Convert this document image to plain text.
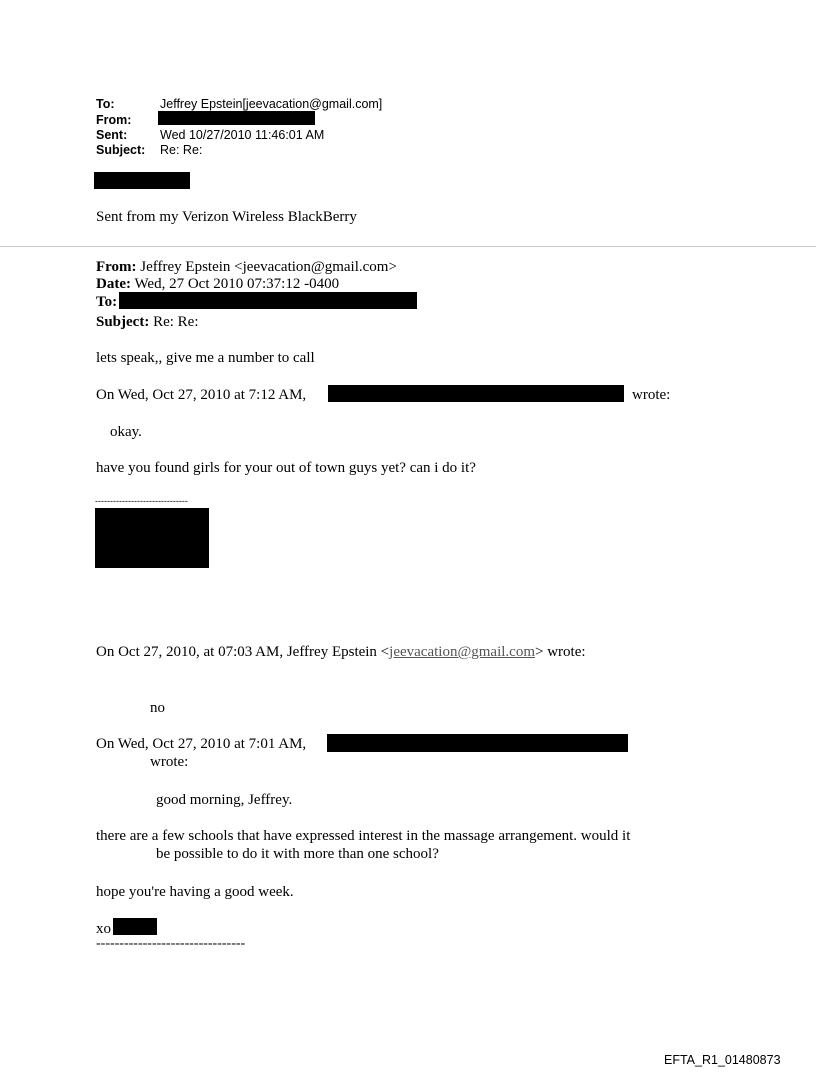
To:	Jeffrey Epstein[jeevacation@gmail.com]
From:
Sent:	Wed 10/27/2010 11:46:01 AM
Subject: Re: Re:
Sent from my Verizon Wireless BlackBerry
From: Jeffrey Epstein <jeevacation@gmail.com>
Date: Wed, 27 Oct 2010 07:37:12 -0400
To:
Subject: Re: Re:
lets speak,, give me a number to call
On Wed, Oct 27, 2010 at 7:12 AM,	wrote:
okay.
have you found girls for your out of town guys yet? can i do it?
-------------------------------
On Oct 27, 2010, at 07:03 AM, Jeffrey Epstein <jeevacation@gmail.com> wrote:
no
On Wed, Oct 27, 2010 at 7:01 AM,
wrote:
good morning, Jeffrey.
there are a few schools that have expressed interest in the massage arrangement. would it
be possible to do it with more than one school?
hope you're having a good week.
xo
--------------------------------
EFTA_R1_01480873
